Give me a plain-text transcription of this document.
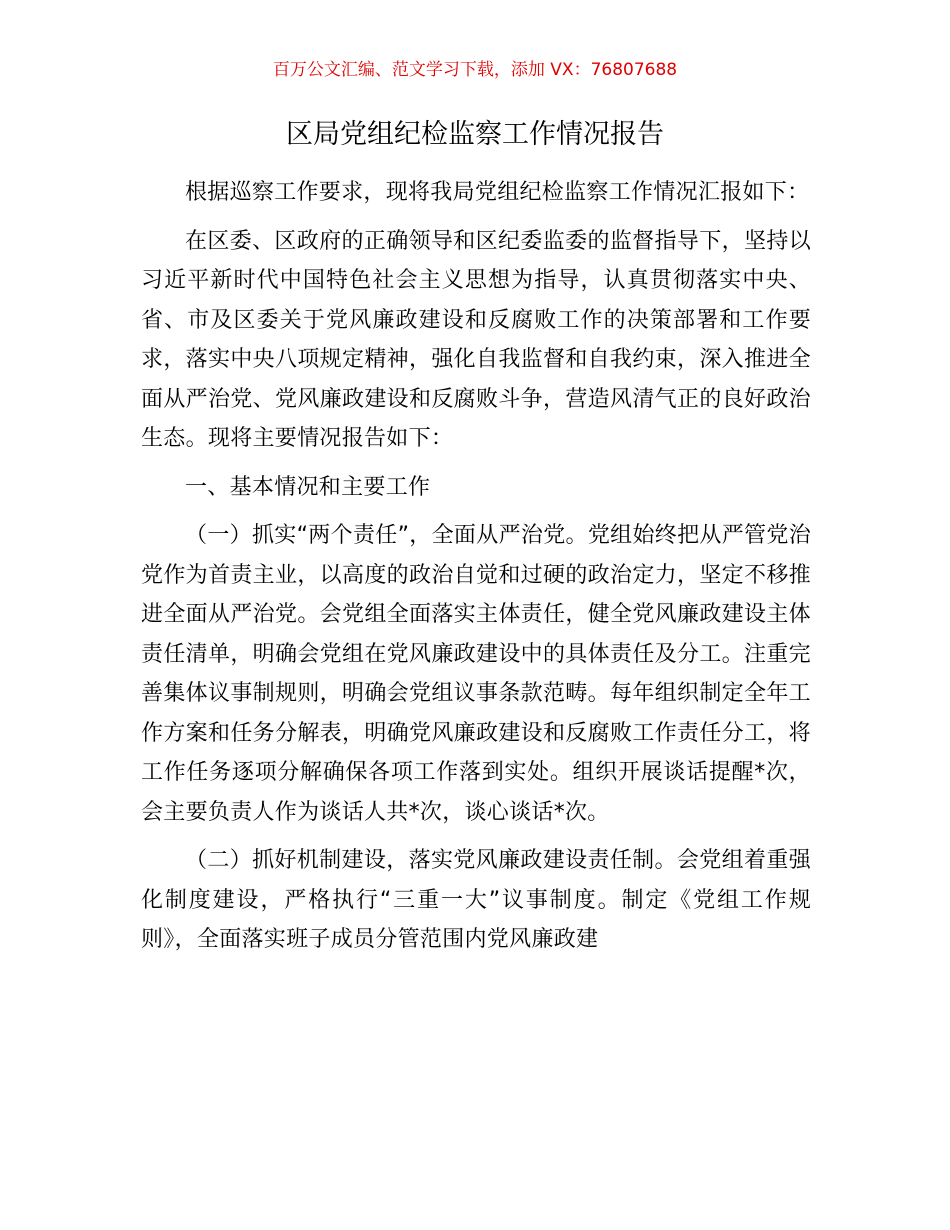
百万公文汇编、范文学习下载，添加 VX：76807688
区局党组纪检监察工作情况报告

根据巡察工作要求，现将我局党组纪检监察工作情况汇报如下：

在区委、区政府的正确领导和区纪委监委的监督指导下，坚持以习近平新时代中国特色社会主义思想为指导，认真贯彻落实中央、省、市及区委关于党风廉政建设和反腐败工作的决策部署和工作要求，落实中央八项规定精神，强化自我监督和自我约束，深入推进全面从严治党、党风廉政建设和反腐败斗争，营造风清气正的良好政治生态。现将主要情况报告如下：

一、基本情况和主要工作

（一）抓实“两个责任”，全面从严治党。党组始终把从严管党治党作为首责主业，以高度的政治自觉和过硬的政治定力，坚定不移推进全面从严治党。会党组全面落实主体责任，健全党风廉政建设主体责任清单，明确会党组在党风廉政建设中的具体责任及分工。注重完善集体议事制规则，明确会党组议事条款范畴。每年组织制定全年工作方案和任务分解表，明确党风廉政建设和反腐败工作责任分工，将工作任务逐项分解确保各项工作落到实处。组织开展谈话提醒*次，会主要负责人作为谈话人共*次，谈心谈话*次。

（二）抓好机制建设，落实党风廉政建设责任制。会党组着重强化制度建设，严格执行“三重一大”议事制度。制定《党组工作规则》，全面落实班子成员分管范围内党风廉政建
